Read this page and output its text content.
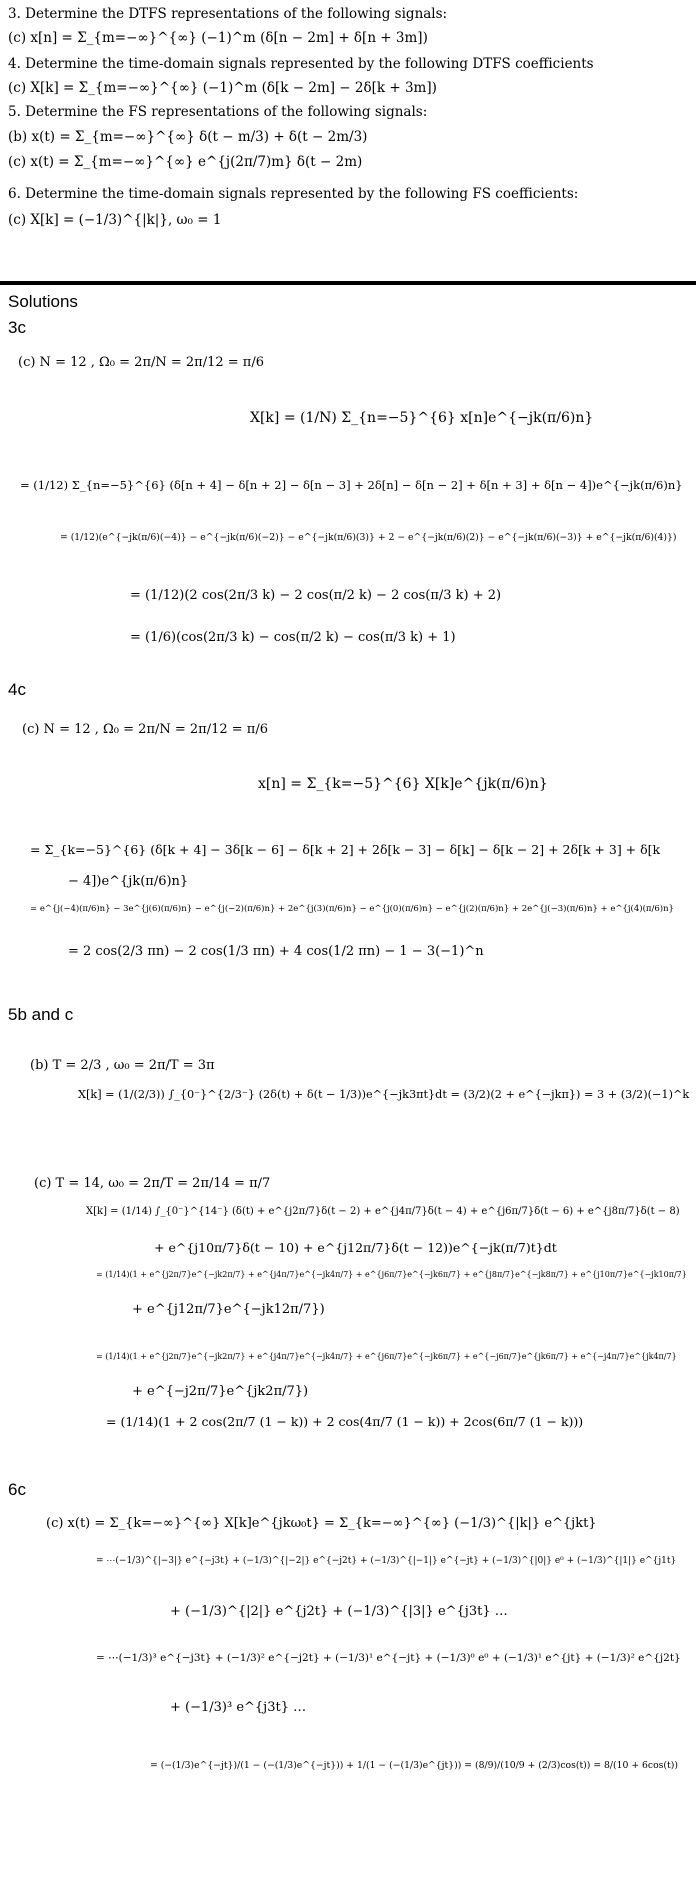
3. Determine the DTFS representations of the following signals:
(c) x[n] = Σ_{m=−∞}^{∞} (−1)^m (δ[n − 2m] + δ[n + 3m])
4. Determine the time-domain signals represented by the following DTFS coefficients
(c) X[k] = Σ_{m=−∞}^{∞} (−1)^m (δ[k − 2m] − 2δ[k + 3m])
5. Determine the FS representations of the following signals:
(b) x(t) = Σ_{m=−∞}^{∞} δ(t − m/3) + δ(t − 2m/3)
(c) x(t) = Σ_{m=−∞}^{∞} e^{j(2π/7)m} δ(t − 2m)
6. Determine the time-domain signals represented by the following FS coefficients:
(c) X[k] = (−1/3)^{|k|}, ω₀ = 1
Solutions
3c
(c) N = 12 , Ω₀ = 2π/N = 2π/12 = π/6
X[k] = (1/N) Σ_{n=−5}^{6} x[n]e^{−jk(π/6)n}
= (1/12) Σ_{n=−5}^{6} (δ[n + 4] − δ[n + 2] − δ[n − 3] + 2δ[n] − δ[n − 2] + δ[n + 3] + δ[n − 4])e^{−jk(π/6)n}
= (1/12)(e^{−jk(π/6)(−4)} − e^{−jk(π/6)(−2)} − e^{−jk(π/6)(3)} + 2 − e^{−jk(π/6)(2)} − e^{−jk(π/6)(−3)} + e^{−jk(π/6)(4)})
= (1/12)(2 cos(2π/3 k) − 2 cos(π/2 k) − 2 cos(π/3 k) + 2)
= (1/6)(cos(2π/3 k) − cos(π/2 k) − cos(π/3 k) + 1)
4c
(c) N = 12 , Ω₀ = 2π/N = 2π/12 = π/6
x[n] = Σ_{k=−5}^{6} X[k]e^{jk(π/6)n}
= Σ_{k=−5}^{6} (δ[k + 4] − 3δ[k − 6] − δ[k + 2] + 2δ[k − 3] − δ[k] − δ[k − 2] + 2δ[k + 3] + δ[k
− 4])e^{jk(π/6)n}
= e^{j(−4)(π/6)n} − 3e^{j(6)(π/6)n} − e^{j(−2)(π/6)n} + 2e^{j(3)(π/6)n} − e^{j(0)(π/6)n} − e^{j(2)(π/6)n} + 2e^{j(−3)(π/6)n} + e^{j(4)(π/6)n}
= 2 cos(2/3 πn) − 2 cos(1/3 πn) + 4 cos(1/2 πn) − 1 − 3(−1)^n
5b and c
(b) T = 2/3 , ω₀ = 2π/T = 3π
X[k] = (1/(2/3)) ∫_{0⁻}^{2/3⁻} (2δ(t) + δ(t − 1/3))e^{−jk3πt}dt = (3/2)(2 + e^{−jkπ}) = 3 + (3/2)(−1)^k
(c) T = 14, ω₀ = 2π/T = 2π/14 = π/7
X[k] = (1/14) ∫_{0⁻}^{14⁻} (δ(t) + e^{j2π/7}δ(t − 2) + e^{j4π/7}δ(t − 4) + e^{j6π/7}δ(t − 6) + e^{j8π/7}δ(t − 8)
+ e^{j10π/7}δ(t − 10) + e^{j12π/7}δ(t − 12))e^{−jk(π/7)t}dt
= (1/14)(1 + e^{j2π/7}e^{−jk2π/7} + e^{j4π/7}e^{−jk4π/7} + e^{j6π/7}e^{−jk6π/7} + e^{j8π/7}e^{−jk8π/7} + e^{j10π/7}e^{−jk10π/7}
+ e^{j12π/7}e^{−jk12π/7})
= (1/14)(1 + e^{j2π/7}e^{−jk2π/7} + e^{j4π/7}e^{−jk4π/7} + e^{j6π/7}e^{−jk6π/7} + e^{−j6π/7}e^{jk6π/7} + e^{−j4π/7}e^{jk4π/7}
+ e^{−j2π/7}e^{jk2π/7})
= (1/14)(1 + 2 cos(2π/7 (1 − k)) + 2 cos(4π/7 (1 − k)) + 2cos(6π/7 (1 − k)))
6c
(c) x(t) = Σ_{k=−∞}^{∞} X[k]e^{jkω₀t} = Σ_{k=−∞}^{∞} (−1/3)^{|k|} e^{jkt}
= ⋯(−1/3)^{|−3|} e^{−j3t} + (−1/3)^{|−2|} e^{−j2t} + (−1/3)^{|−1|} e^{−jt} + (−1/3)^{|0|} e⁰ + (−1/3)^{|1|} e^{j1t}
+ (−1/3)^{|2|} e^{j2t} + (−1/3)^{|3|} e^{j3t} …
= ⋯(−1/3)³ e^{−j3t} + (−1/3)² e^{−j2t} + (−1/3)¹ e^{−jt} + (−1/3)⁰ e⁰ + (−1/3)¹ e^{jt} + (−1/3)² e^{j2t}
+ (−1/3)³ e^{j3t} …
= (−(1/3)e^{−jt})/(1 − (−(1/3)e^{−jt})) + 1/(1 − (−(1/3)e^{jt})) = (8/9)/(10/9 + (2/3)cos(t)) = 8/(10 + 6cos(t))
